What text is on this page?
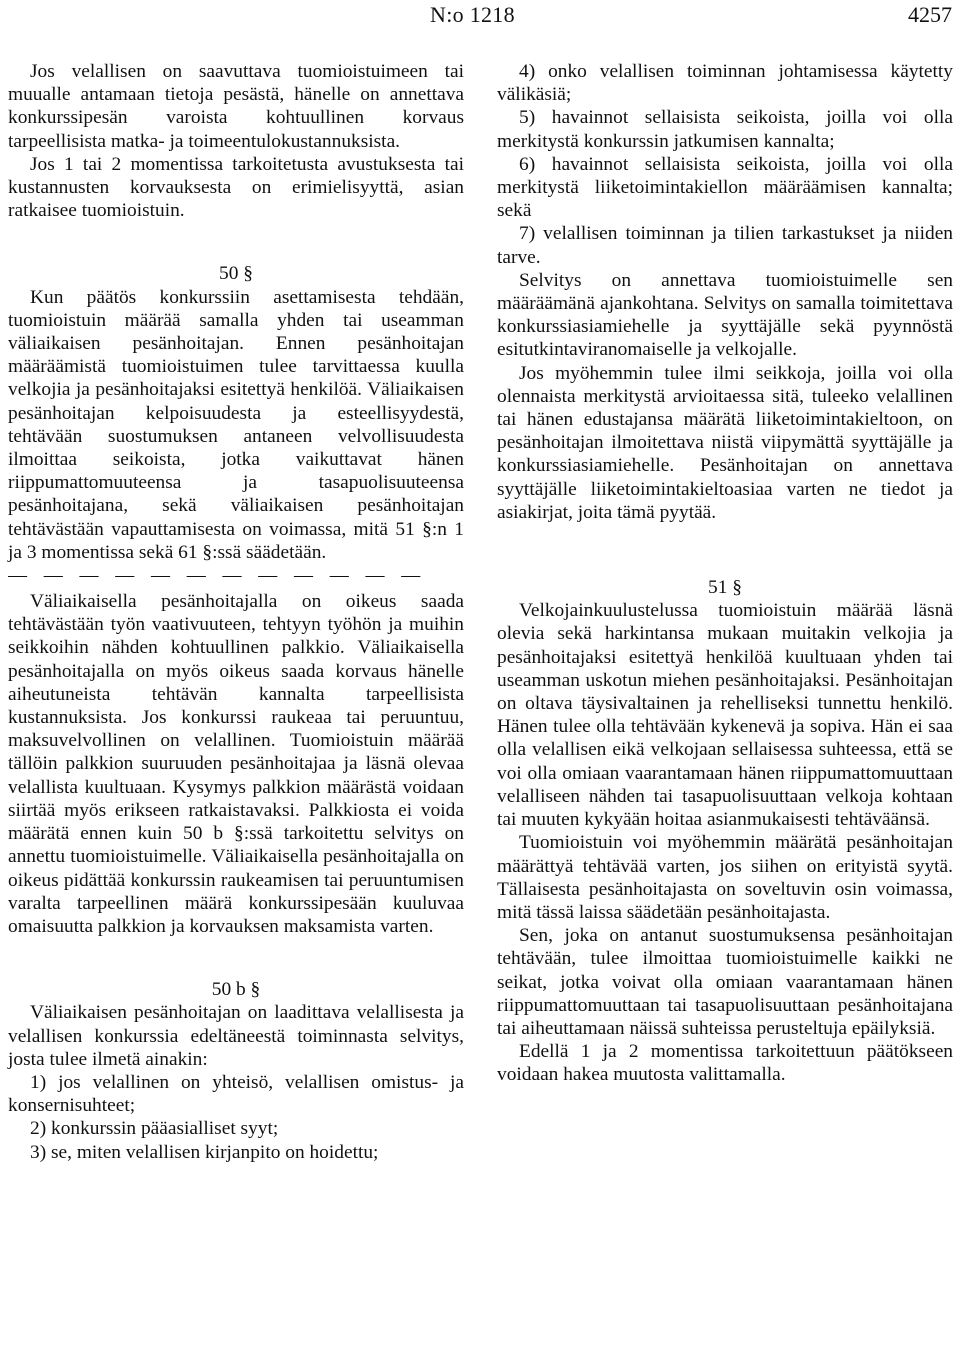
N:o 1218	4257

Jos velallisen on saavuttava tuomioistuimeen tai muualle antamaan tietoja pesästä, hänelle on annettava konkurssipesän varoista kohtuullinen korvaus tarpeellisista matka- ja toimeentulokustannuksista.

Jos 1 tai 2 momentissa tarkoitetusta avustuksesta tai kustannusten korvauksesta on erimielisyyttä, asian ratkaisee tuomioistuin.

50 §

Kun päätös konkurssiin asettamisesta tehdään, tuomioistuin määrää samalla yhden tai useamman väliaikaisen pesänhoitajan. Ennen pesänhoitajan määräämistä tuomioistuimen tulee tarvittaessa kuulla velkojia ja pesänhoitajaksi esitettyä henkilöä. Väliaikaisen pesänhoitajan kelpoisuudesta ja esteellisyydestä, tehtävään suostumuksen antaneen velvollisuudesta ilmoittaa seikoista, jotka vaikuttavat hänen riippumattomuuteensa ja tasapuolisuuteensa pesänhoitajana, sekä väliaikaisen pesänhoitajan tehtävästään vapauttamisesta on voimassa, mitä 51 §:n 1 ja 3 momentissa sekä 61 §:ssä säädetään.

— — — — — — — — — — — —

Väliaikaisella pesänhoitajalla on oikeus saada tehtävästään työn vaativuuteen, tehtyyn työhön ja muihin seikkoihin nähden kohtuullinen palkkio. Väliaikaisella pesänhoitajalla on myös oikeus saada korvaus hänelle aiheutuneista tehtävän kannalta tarpeellisista kustannuksista. Jos konkurssi raukeaa tai peruuntuu, maksuvelvollinen on velallinen. Tuomioistuin määrää tällöin palkkion suuruuden pesänhoitajaa ja läsnä olevaa velallista kuultuaan. Kysymys palkkion määrästä voidaan siirtää myös erikseen ratkaistavaksi. Palkkiosta ei voida määrätä ennen kuin 50 b §:ssä tarkoitettu selvitys on annettu tuomioistuimelle. Väliaikaisella pesänhoitajalla on oikeus pidättää konkurssin raukeamisen tai peruuntumisen varalta tarpeellinen määrä konkurssipesään kuuluvaa omaisuutta palkkion ja korvauksen maksamista varten.

50 b §

Väliaikaisen pesänhoitajan on laadittava velallisesta ja velallisen konkurssia edeltäneestä toiminnasta selvitys, josta tulee ilmetä ainakin:

1) jos velallinen on yhteisö, velallisen omistus- ja konsernisuhteet;

2) konkurssin pääasialliset syyt;

3) se, miten velallisen kirjanpito on hoidettu;

4) onko velallisen toiminnan johtamisessa käytetty välikäsiä;

5) havainnot sellaisista seikoista, joilla voi olla merkitystä konkurssin jatkumisen kannalta;

6) havainnot sellaisista seikoista, joilla voi olla merkitystä liiketoimintakiellon määräämisen kannalta; sekä

7) velallisen toiminnan ja tilien tarkastukset ja niiden tarve.

Selvitys on annettava tuomioistuimelle sen määräämänä ajankohtana. Selvitys on samalla toimitettava konkurssiasiamiehelle ja syyttäjälle sekä pyynnöstä esitutkintaviranomaiselle ja velkojalle.

Jos myöhemmin tulee ilmi seikkoja, joilla voi olla olennaista merkitystä arvioitaessa sitä, tuleeko velallinen tai hänen edustajansa määrätä liiketoimintakieltoon, on pesänhoitajan ilmoitettava niistä viipymättä syyttäjälle ja konkurssiasiamiehelle. Pesänhoitajan on annettava syyttäjälle liiketoimintakieltoasiaa varten ne tiedot ja asiakirjat, joita tämä pyytää.

51 §

Velkojainkuulustelussa tuomioistuin määrää läsnä olevia sekä harkintansa mukaan muitakin velkojia ja pesänhoitajaksi esitettyä henkilöä kuultuaan yhden tai useamman uskotun miehen pesänhoitajaksi. Pesänhoitajan on oltava täysivaltainen ja rehelliseksi tunnettu henkilö. Hänen tulee olla tehtävään kykenevä ja sopiva. Hän ei saa olla velallisen eikä velkojaan sellaisessa suhteessa, että se voi olla omiaan vaarantamaan hänen riippumattomuuttaan velalliseen nähden tai tasapuolisuuttaan velkoja kohtaan tai muuten kykyään hoitaa asianmukaisesti tehtäväänsä.

Tuomioistuin voi myöhemmin määrätä pesänhoitajan määrättyä tehtävää varten, jos siihen on erityistä syytä. Tällaisesta pesänhoitajasta on soveltuvin osin voimassa, mitä tässä laissa säädetään pesänhoitajasta.

Sen, joka on antanut suostumuksensa pesänhoitajan tehtävään, tulee ilmoittaa tuomioistuimelle kaikki ne seikat, jotka voivat olla omiaan vaarantamaan hänen riippumattomuuttaan tai tasapuolisuuttaan pesänhoitajana tai aiheuttamaan näissä suhteissa perusteltuja epäilyksiä.

Edellä 1 ja 2 momentissa tarkoitettuun päätökseen voidaan hakea muutosta valittamalla.
